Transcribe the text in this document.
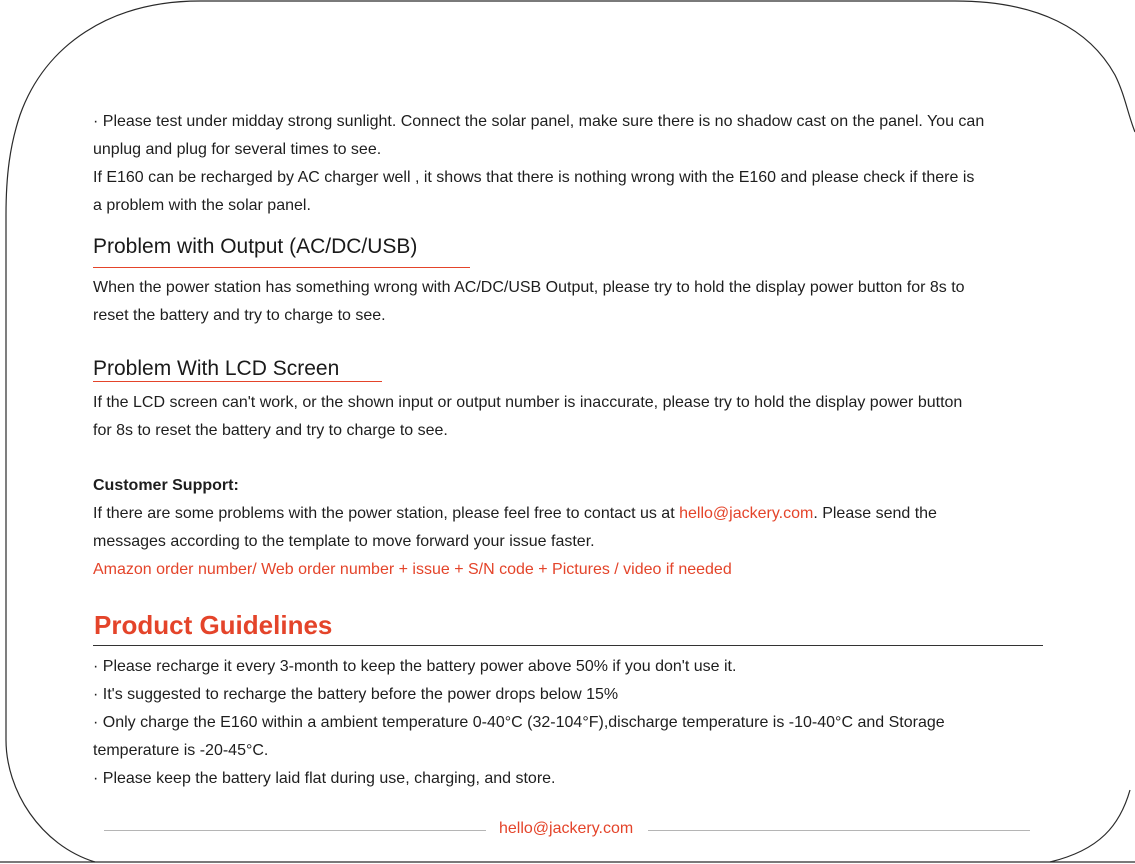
· Please test under midday strong sunlight. Connect the solar panel, make sure there is no shadow cast on the panel. You can
unplug and plug for several times to see.
If E160 can be recharged by AC charger well , it shows that there is nothing wrong with the E160 and please check if there is
a problem with the solar panel.
Problem with Output (AC/DC/USB)
When the power station has something wrong with AC/DC/USB Output, please try to hold the display power button for 8s to
reset the battery and try to charge to see.
Problem With LCD Screen
If the LCD screen can't work, or the shown input or output number is inaccurate, please try to hold the display power button
for 8s to reset the battery and try to charge to see.
Customer Support:
If there are some problems with the power station, please feel free to contact us at hello@jackery.com. Please send the
messages according to the template to move forward your issue faster.
Amazon order number/ Web order number + issue + S/N code + Pictures / video if needed
Product Guidelines
· Please recharge it every 3-month to keep the battery power above 50% if you don't use it.
· It's suggested to recharge the battery before the power drops below 15%
· Only charge the E160 within a ambient temperature 0-40°C (32-104°F),discharge temperature is -10-40°C and Storage
temperature is -20-45°C.
· Please keep the battery laid flat during use, charging, and store.
hello@jackery.com
